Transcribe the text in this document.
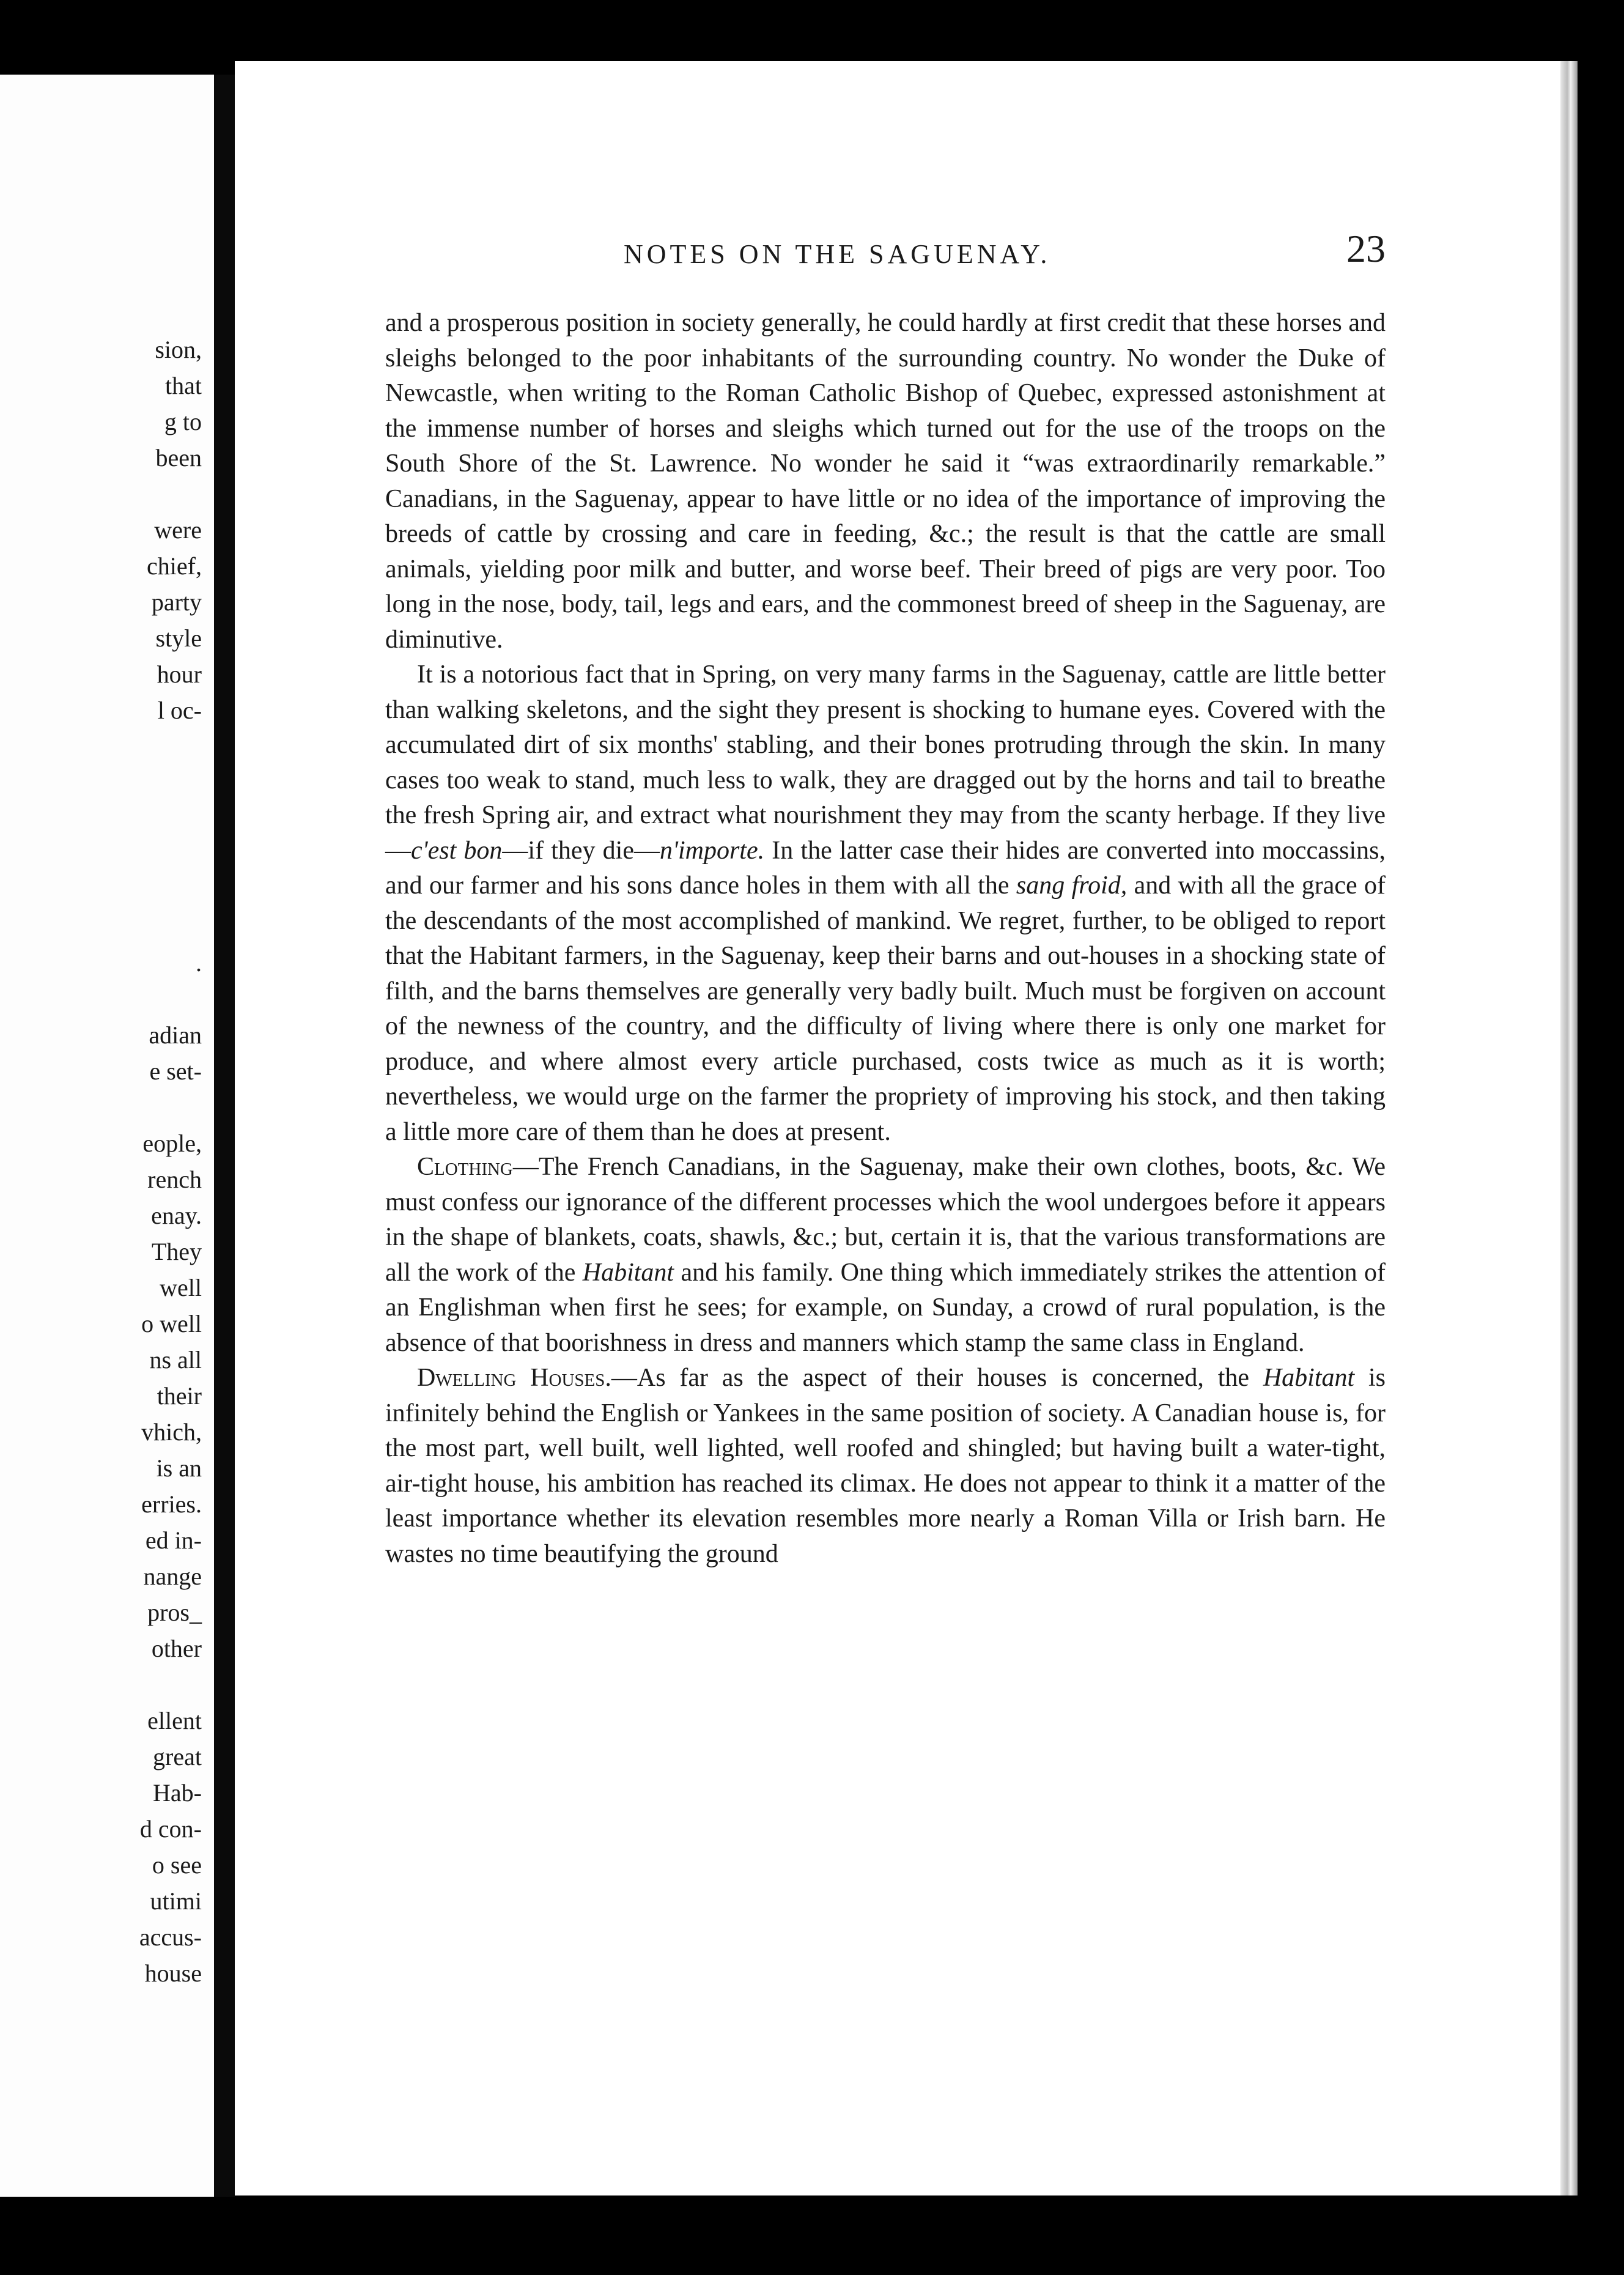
sion,
that
g to
been

were
chief,
party
style
hour
l oc-

.

adian
e set-

eople,
rench
enay.
They
well
o well
ns all
their
vhich,
is an
erries.
ed in-
nange
pros_
other

ellent
great
Hab-
d con-
o see
utimi
accus-
house
NOTES ON THE SAGUENAY.	23

and a prosperous position in society generally, he could hardly at first credit that these horses and sleighs belonged to the poor inhabitants of the surrounding country. No wonder the Duke of Newcastle, when writing to the Roman Catholic Bishop of Quebec, expressed astonishment at the immense number of horses and sleighs which turned out for the use of the troops on the South Shore of the St. Lawrence. No wonder he said it “was extraordinarily remarkable.” Canadians, in the Saguenay, appear to have little or no idea of the importance of improving the breeds of cattle by crossing and care in feeding, &c.; the result is that the cattle are small animals, yielding poor milk and butter, and worse beef. Their breed of pigs are very poor. Too long in the nose, body, tail, legs and ears, and the commonest breed of sheep in the Saguenay, are diminutive.

It is a notorious fact that in Spring, on very many farms in the Saguenay, cattle are little better than walking skeletons, and the sight they present is shocking to humane eyes. Covered with the accumulated dirt of six months' stabling, and their bones protruding through the skin. In many cases too weak to stand, much less to walk, they are dragged out by the horns and tail to breathe the fresh Spring air, and extract what nourishment they may from the scanty herbage. If they live—c'est bon—if they die—n'importe. In the latter case their hides are converted into moccassins, and our farmer and his sons dance holes in them with all the sang froid, and with all the grace of the descendants of the most accomplished of mankind. We regret, further, to be obliged to report that the Habitant farmers, in the Saguenay, keep their barns and out-houses in a shocking state of filth, and the barns themselves are generally very badly built. Much must be forgiven on account of the newness of the country, and the difficulty of living where there is only one market for produce, and where almost every article purchased, costs twice as much as it is worth; nevertheless, we would urge on the farmer the propriety of improving his stock, and then taking a little more care of them than he does at present.

Clothing—The French Canadians, in the Saguenay, make their own clothes, boots, &c. We must confess our ignorance of the different processes which the wool undergoes before it appears in the shape of blankets, coats, shawls, &c.; but, certain it is, that the various transformations are all the work of the Habitant and his family. One thing which immediately strikes the attention of an Englishman when first he sees; for example, on Sunday, a crowd of rural population, is the absence of that boorishness in dress and manners which stamp the same class in England.

Dwelling Houses.—As far as the aspect of their houses is concerned, the Habitant is infinitely behind the English or Yankees in the same position of society. A Canadian house is, for the most part, well built, well lighted, well roofed and shingled; but having built a water-tight, air-tight house, his ambition has reached its climax. He does not appear to think it a matter of the least importance whether its elevation resembles more nearly a Roman Villa or Irish barn. He wastes no time beautifying the ground
